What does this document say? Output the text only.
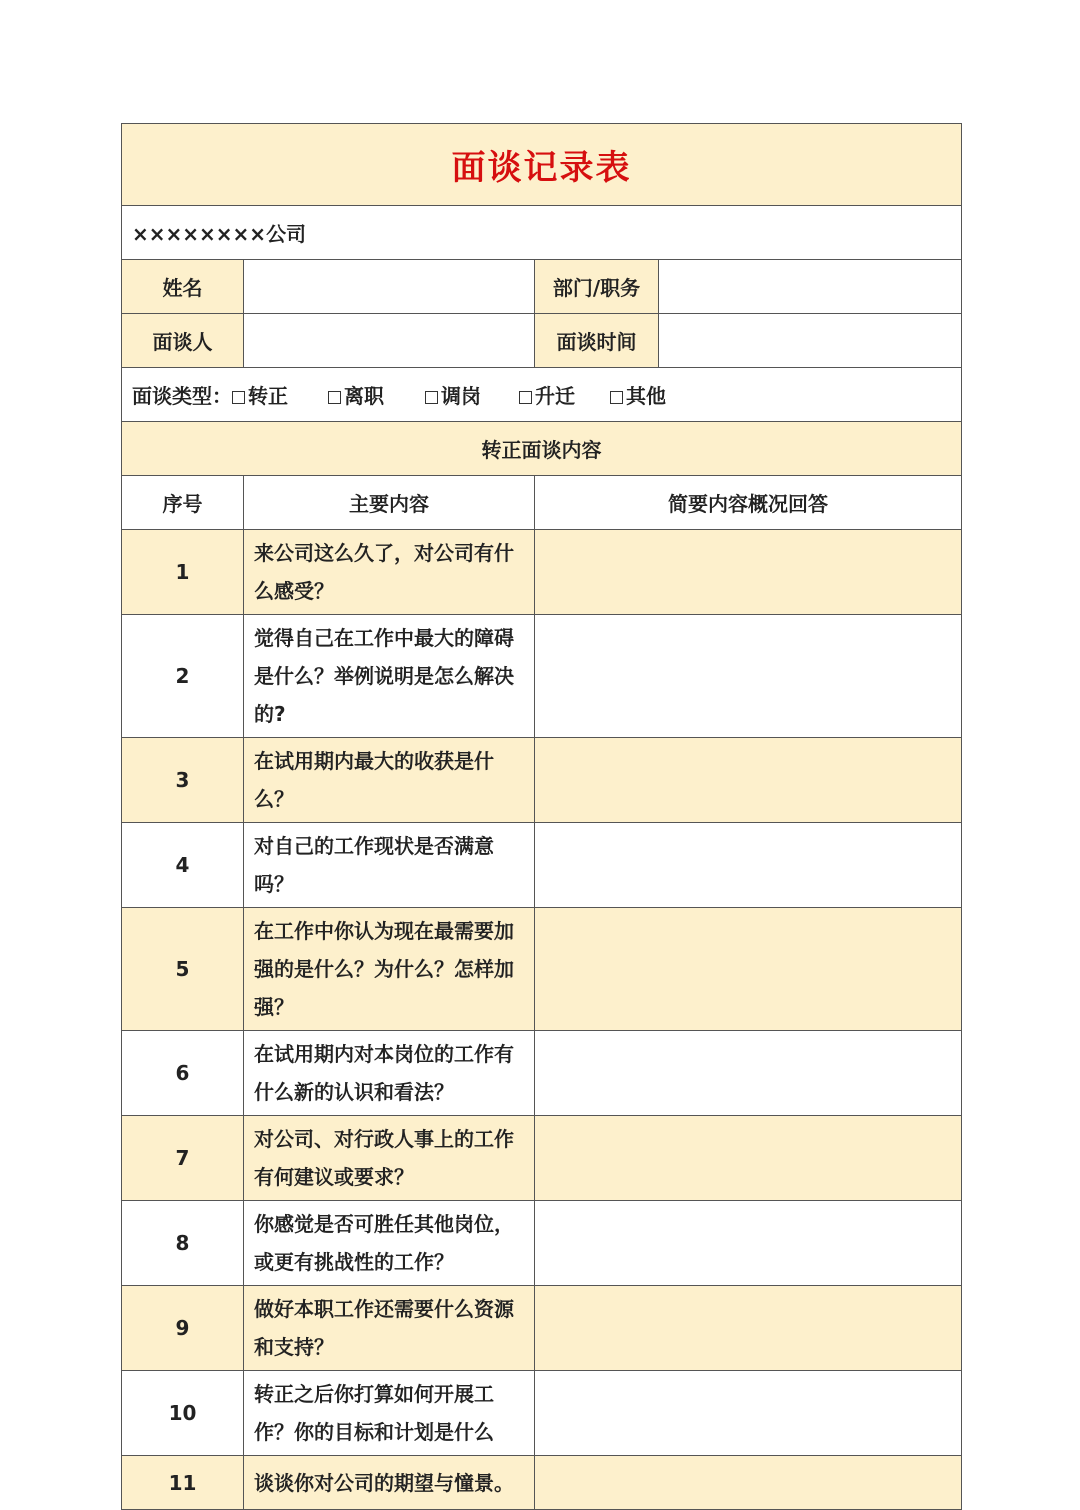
面谈记录表			
××××××××公司			
姓名		部门/职务	
面谈人		面谈时间	
面谈类型： 转正 离职 调岗 升迁 其他			
转正面谈内容			
序号	主要内容	简要内容概况回答	
1	来公司这么久了，对公司有什么感受？		
2	觉得自己在工作中最大的障碍是什么？举例说明是怎么解决的?		
3	在试用期内最大的收获是什么？		
4	对自己的工作现状是否满意吗？		
5	在工作中你认为现在最需要加强的是什么？为什么？怎样加强？		
6	在试用期内对本岗位的工作有什么新的认识和看法？		
7	对公司、对行政人事上的工作有何建议或要求？		
8	你感觉是否可胜任其他岗位，或更有挑战性的工作？		
9	做好本职工作还需要什么资源和支持？		
10	转正之后你打算如何开展工作？你的目标和计划是什么		
11	谈谈你对公司的期望与憧景。		
